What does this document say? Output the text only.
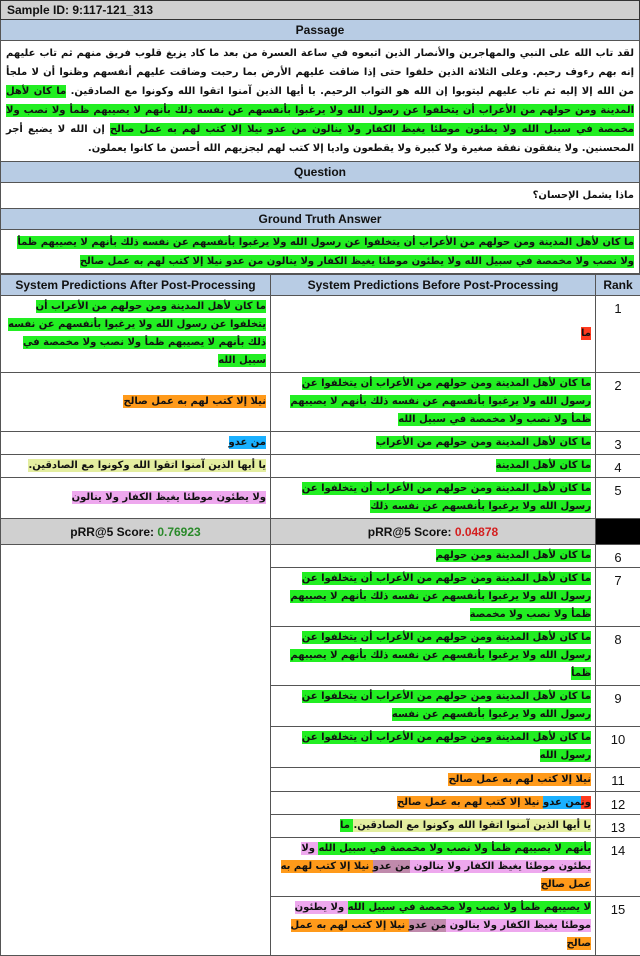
Sample ID: 9:117-121_313
Passage
لقد تاب الله على النبي والمهاجرين والأنصار الذين اتبعوه في ساعة العسرة من بعد ما كاد يزيغ قلوب فريق منهم ثم تاب عليهم إنه بهم رءوف رحيم. وعلى الثلاثة الذين خلفوا حتى إذا ضاقت عليهم الأرض بما رحبت وضاقت عليهم أنفسهم وظنوا أن لا ملجأ من الله إلا إليه ثم تاب عليهم ليتوبوا إن الله هو التواب الرحيم. يا أيها الذين آمنوا اتقوا الله وكونوا مع الصادقين. ما كان لأهل المدينة ومن حولهم من الأعراب أن يتخلفوا عن رسول الله ولا يرغبوا بأنفسهم عن نفسه ذلك بأنهم لا يصيبهم ظمأ ولا نصب ولا مخمصة في سبيل الله ولا يطئون موطئا يغيظ الكفار ولا ينالون من عدو نيلا إلا كتب لهم به عمل صالح إن الله لا يضيع أجر المحسنين. ولا ينفقون نفقة صغيرة ولا كبيرة ولا يقطعون واديا إلا كتب لهم ليجزيهم الله أحسن ما كانوا يعملون.
Question
ماذا يشمل الإحسان؟
Ground Truth Answer
ما كان لأهل المدينة ومن حولهم من الأعراب أن يتخلفوا عن رسول الله ولا يرغبوا بأنفسهم عن نفسه ذلك بأنهم لا يصيبهم ظمأ ولا نصب ولا مخمصة في سبيل الله ولا يطئون موطئا يغيظ الكفار ولا ينالون من عدو نيلا إلا كتب لهم به عمل صالح
System Predictions After Post-Processing	System Predictions Before Post-Processing	Rank
ما كان لأهل المدينة ومن حولهم من الأعراب أن يتخلفوا عن رسول الله ولا يرغبوا بأنفسهم عن نفسه ذلك بأنهم لا يصيبهم ظمأ ولا نصب ولا مخمصة في سبيل الله	ما	1
نيلا إلا كتب لهم به عمل صالح	ما كان لأهل المدينة ومن حولهم من الأعراب أن يتخلفوا عن رسول الله ولا يرغبوا بأنفسهم عن نفسه ذلك بأنهم لا يصيبهم ظمأ ولا نصب ولا مخمصة في سبيل الله	2
من عدو	ما كان لأهل المدينة ومن حولهم من الأعراب	3
يا أيها الذين آمنوا اتقوا الله وكونوا مع الصادقين.	ما كان لأهل المدينة	4
ولا يطئون موطئا يغيظ الكفار ولا ينالون	ما كان لأهل المدينة ومن حولهم من الأعراب أن يتخلفوا عن رسول الله ولا يرغبوا بأنفسهم عن نفسه ذلك	5
pRR@5 Score: 0.76923	pRR@5 Score: 0.04878	
	ما كان لأهل المدينة ومن حولهم	6
	ما كان لأهل المدينة ومن حولهم من الأعراب أن يتخلفوا عن رسول الله ولا يرغبوا بأنفسهم عن نفسه ذلك بأنهم لا يصيبهم ظمأ ولا نصب ولا مخمصة	7
	ما كان لأهل المدينة ومن حولهم من الأعراب أن يتخلفوا عن رسول الله ولا يرغبوا بأنفسهم عن نفسه ذلك بأنهم لا يصيبهم ظمأ	8
	ما كان لأهل المدينة ومن حولهم من الأعراب أن يتخلفوا عن رسول الله ولا يرغبوا بأنفسهم عن نفسه	9
	ما كان لأهل المدينة ومن حولهم من الأعراب أن يتخلفوا عن رسول الله	10
	نيلا إلا كتب لهم به عمل صالح	11
	ونمن عدو نيلا إلا كتب لهم به عمل صالح	12
	يا أيها الذين آمنوا اتقوا الله وكونوا مع الصادقين. ما	13
	بأنهم لا يصيبهم ظمأ ولا نصب ولا مخمصة في سبيل الله ولا يطئون موطئا يغيظ الكفار ولا ينالون من عدو نيلا إلا كتب لهم به عمل صالح	14
	لا يصيبهم ظمأ ولا نصب ولا مخمصة في سبيل الله ولا يطئون موطئا يغيظ الكفار ولا ينالون من عدو نيلا إلا كتب لهم به عمل صالح	15
